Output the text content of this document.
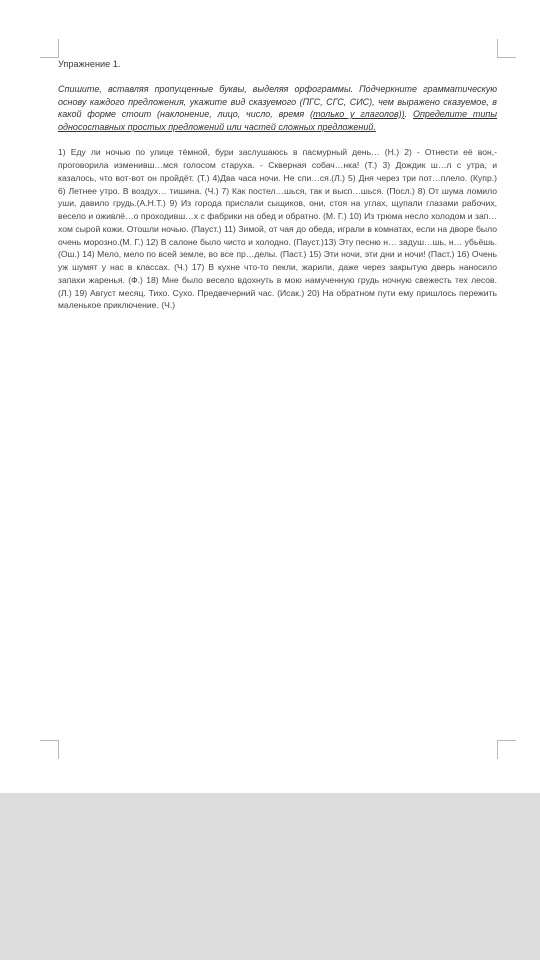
Упражнение 1.

Спишите, вставляя пропущенные буквы, выделяя орфограммы. Подчеркните грамматическую основу каждого предложения, укажите вид сказуемого (ПГС, СГС, СИС), чем выражено сказуемое, в какой форме стоит (наклонение, лицо, число, время (только у глаголов)). Определите типы односоставных простых предложений или частей сложных предложений.

1) Еду ли ночью по улице тёмной, бури заслушаюсь в пасмурный день… (Н.) 2) - Отнести её вон,- проговорила изменивш…мся голосом старуха. - Скверная собач…нка! (Т.) 3) Дождик ш…л с утра, и казалось, что вот-вот он пройдёт. (Т.) 4)Два часа ночи. Не спи…ся.(Л.) 5) Дня через три пот…плело. (Купр.) 6) Летнее утро. В воздух… тишина. (Ч.) 7) Как постел…шься, так и высп…шься. (Посл.) 8) От шума ломило уши, давило грудь.(А.Н.Т.) 9) Из города прислали сыщиков, они, стоя на углах, щупали глазами рабочих, весело и оживлё…о проходивш…х с фабрики на обед и обратно. (М. Г.) 10) Из трюма несло холодом и зап…хом сырой кожи. Отошли ночью. (Пауст.) 11) Зимой, от чая до обеда, играли в комнатах, если на дворе было очень морозно.(М. Г.) 12) В салоне было чисто и холодно. (Пауст.)13) Эту песню н… задуш…шь, н… убьёшь. (Ош.) 14) Мело, мело по всей земле, во все пр…делы. (Паст.) 15) Эти ночи, эти дни и ночи! (Паст.) 16) Очень уж шумят у нас в классах. (Ч.) 17) В кухне что-то пекли, жарили, даже через закрытую дверь наносило запахи жаренья. (Ф.) 18) Мне было весело вдохнуть в мою намученную грудь ночную свежесть тех лесов. (Л.) 19) Август месяц. Тихо. Сухо. Предвечерний час. (Исак.) 20) На обратном пути ему пришлось пережить маленькое приключение. (Ч.)
